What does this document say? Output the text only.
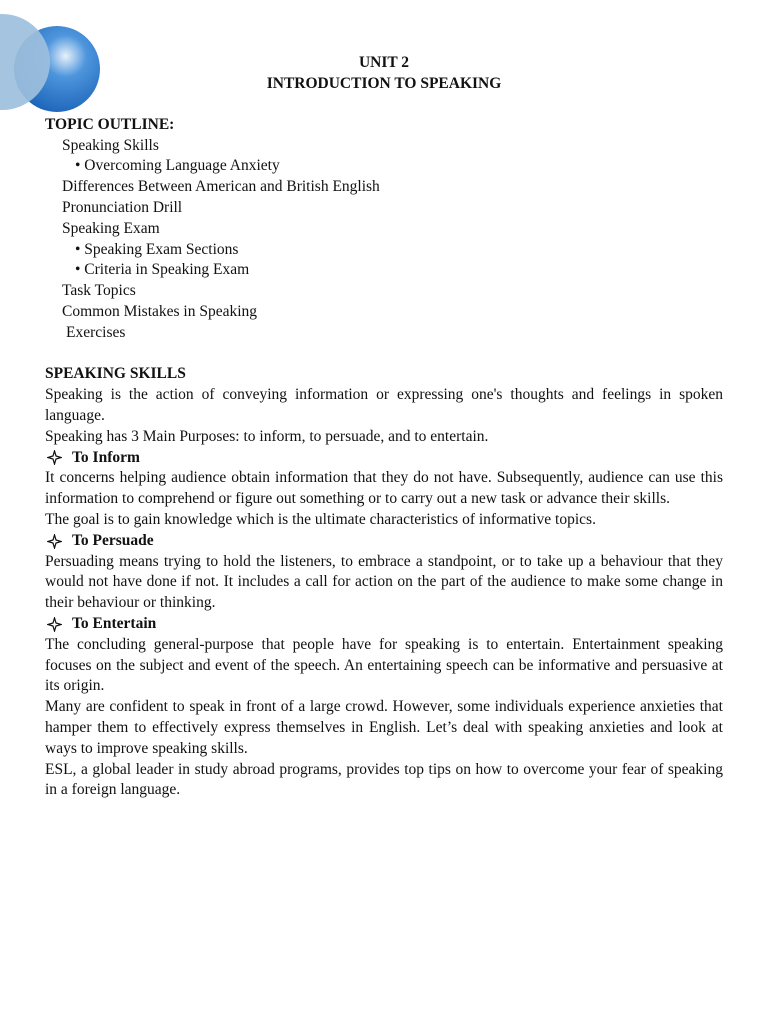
UNIT 2

INTRODUCTION TO SPEAKING

TOPIC OUTLINE:

Speaking Skills

• Overcoming Language Anxiety

Differences Between American and British English

Pronunciation Drill

Speaking Exam

• Speaking Exam Sections

• Criteria in Speaking Exam

Task Topics

Common Mistakes in Speaking

Exercises

SPEAKING SKILLS

Speaking is the action of conveying information or expressing one's thoughts and feelings in spoken language.

Speaking has 3 Main Purposes: to inform, to persuade, and to entertain.

To Inform

It concerns helping audience obtain information that they do not have. Subsequently, audience can use this information to comprehend or figure out something or to carry out a new task or advance their skills.

The goal is to gain knowledge which is the ultimate characteristics of informative topics.

To Persuade

Persuading means trying to hold the listeners, to embrace a standpoint, or to take up a behaviour that they would not have done if not. It includes a call for action on the part of the audience to make some change in their behaviour or thinking.

To Entertain

The concluding general-purpose that people have for speaking is to entertain. Entertainment speaking focuses on the subject and event of the speech. An entertaining speech can be informative and persuasive at its origin.

Many are confident to speak in front of a large crowd. However, some individuals experience anxieties that hamper them to effectively express themselves in English. Let’s deal with speaking anxieties and look at ways to improve speaking skills.

ESL, a global leader in study abroad programs, provides top tips on how to overcome your fear of speaking in a foreign language.
